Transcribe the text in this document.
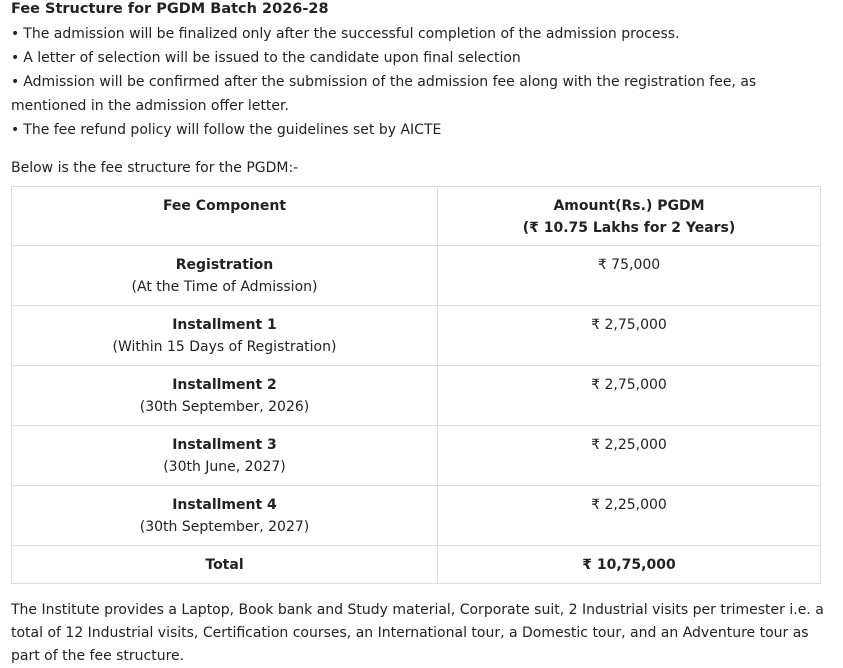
Fee Structure for PGDM Batch 2026-28

• The admission will be finalized only after the successful completion of the admission process.
• A letter of selection will be issued to the candidate upon final selection
• Admission will be confirmed after the submission of the admission fee along with the registration fee, as mentioned in the admission offer letter.
• The fee refund policy will follow the guidelines set by AICTE

Below is the fee structure for the PGDM:-

Fee Component	Amount(Rs.) PGDM
(₹ 10.75 Lakhs for 2 Years)

Registration
(At the Time of Admission)	₹ 75,000

Installment 1
(Within 15 Days of Registration)	₹ 2,75,000

Installment 2
(30th September, 2026)	₹ 2,75,000

Installment 3
(30th June, 2027)	₹ 2,25,000

Installment 4
(30th September, 2027)	₹ 2,25,000
Total	₹ 10,75,000

The Institute provides a Laptop, Book bank and Study material, Corporate suit, 2 Industrial visits per trimester i.e. a total of 12 Industrial visits, Certification courses, an International tour, a Domestic tour, and an Adventure tour as part of the fee structure.
